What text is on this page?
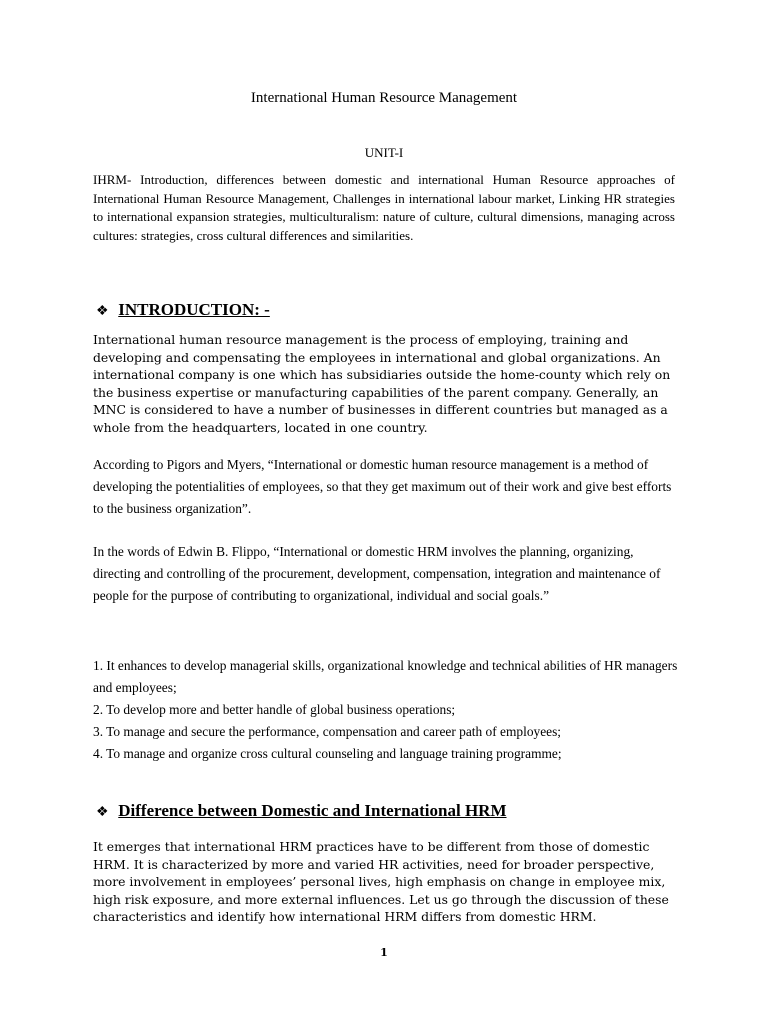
International Human Resource Management
UNIT-I

IHRM- Introduction, differences between domestic and international Human Resource approaches of International Human Resource Management, Challenges in international labour market, Linking HR strategies to international expansion strategies, multiculturalism: nature of culture, cultural dimensions, managing across cultures: strategies, cross cultural differences and similarities.

❖ INTRODUCTION: -

International human resource management is the process of employing, training and developing and compensating the employees in international and global organizations. An international company is one which has subsidiaries outside the home-county which rely on the business expertise or manufacturing capabilities of the parent company. Generally, an MNC is considered to have a number of businesses in different countries but managed as a whole from the headquarters, located in one country.

According to Pigors and Myers, “International or domestic human resource management is a method of developing the potentialities of employees, so that they get maximum out of their work and give best efforts to the business organization”.

In the words of Edwin B. Flippo, “International or domestic HRM involves the planning, organizing, directing and controlling of the procurement, development, compensation, integration and maintenance of people for the purpose of contributing to organizational, individual and social goals.”

1. It enhances to develop managerial skills, organizational knowledge and technical abilities of HR managers and employees;
2. To develop more and better handle of global business operations;
3. To manage and secure the performance, compensation and career path of employees;
4. To manage and organize cross cultural counseling and language training programme;
❖ Difference between Domestic and International HRM

It emerges that international HRM practices have to be different from those of domestic HRM. It is characterized by more and varied HR activities, need for broader perspective, more involvement in employees’ personal lives, high emphasis on change in employee mix, high risk exposure, and more external influences. Let us go through the discussion of these characteristics and identify how international HRM differs from domestic HRM.

1
